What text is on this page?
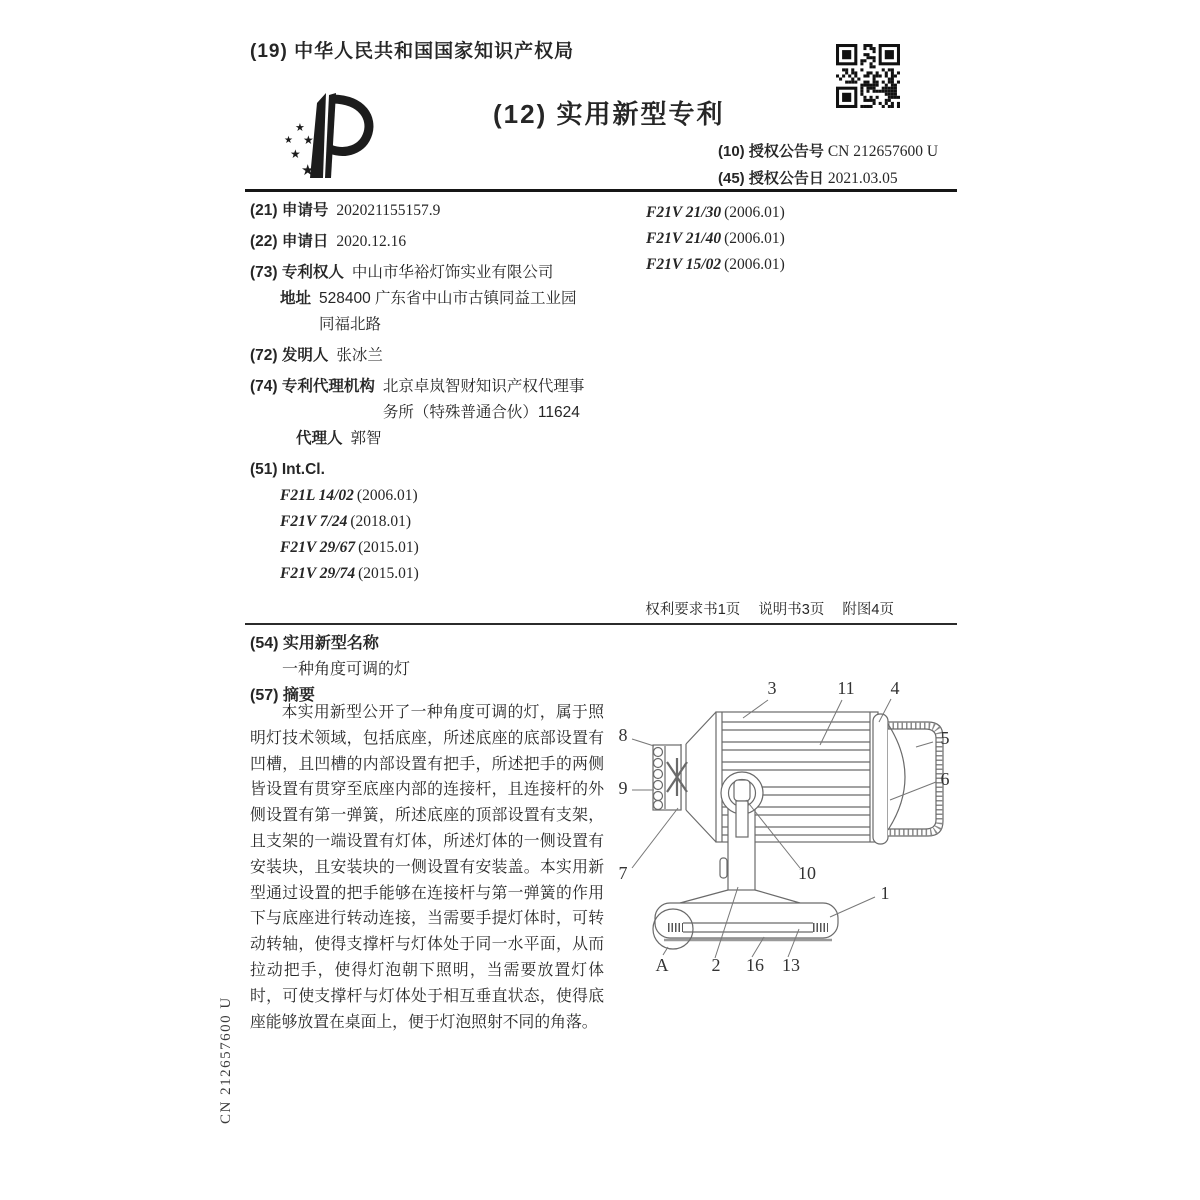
(19) 中华人民共和国国家知识产权局
★
★ ★
★
★
(12) 实用新型专利
(10) 授权公告号 CN 212657600 U
(45) 授权公告日 2021.03.05
(21) 申请号 202021155157.9
(22) 申请日 2020.12.16
(73) 专利权人 中山市华裕灯饰实业有限公司
地址 528400 广东省中山市古镇同益工业园同福北路
(72) 发明人 张冰兰
(74) 专利代理机构 北京卓岚智财知识产权代理事务所（特殊普通合伙）11624
代理人 郭智
(51) Int.Cl.
F21L 14/02 (2006.01)
F21V 7/24 (2018.01)
F21V 29/67 (2015.01)
F21V 29/74 (2015.01)
F21V 21/30 (2006.01)
F21V 21/40 (2006.01)
F21V 15/02 (2006.01)
权利要求书1页 说明书3页 附图4页
(54) 实用新型名称
一种角度可调的灯
(57) 摘要
本实用新型公开了一种角度可调的灯，属于照明灯技术领域，包括底座，所述底座的底部设置有凹槽，且凹槽的内部设置有把手，所述把手的两侧皆设置有贯穿至底座内部的连接杆，且连接杆的外侧设置有第一弹簧，所述底座的顶部设置有支架，且支架的一端设置有灯体，所述灯体的一侧设置有安装块，且安装块的一侧设置有安装盖。本实用新型通过设置的把手能够在连接杆与第一弹簧的作用下与底座进行转动连接，当需要手提灯体时，可转动转轴，使得支撑杆与灯体处于同一水平面，从而拉动把手，使得灯泡朝下照明，当需要放置灯体时，可使支撑杆与灯体处于相互垂直状态，使得底座能够放置在桌面上，便于灯泡照射不同的角落。
3	11 4
8
9
5
6
7	10
1
A 2 16 13
CN 212657600 U
